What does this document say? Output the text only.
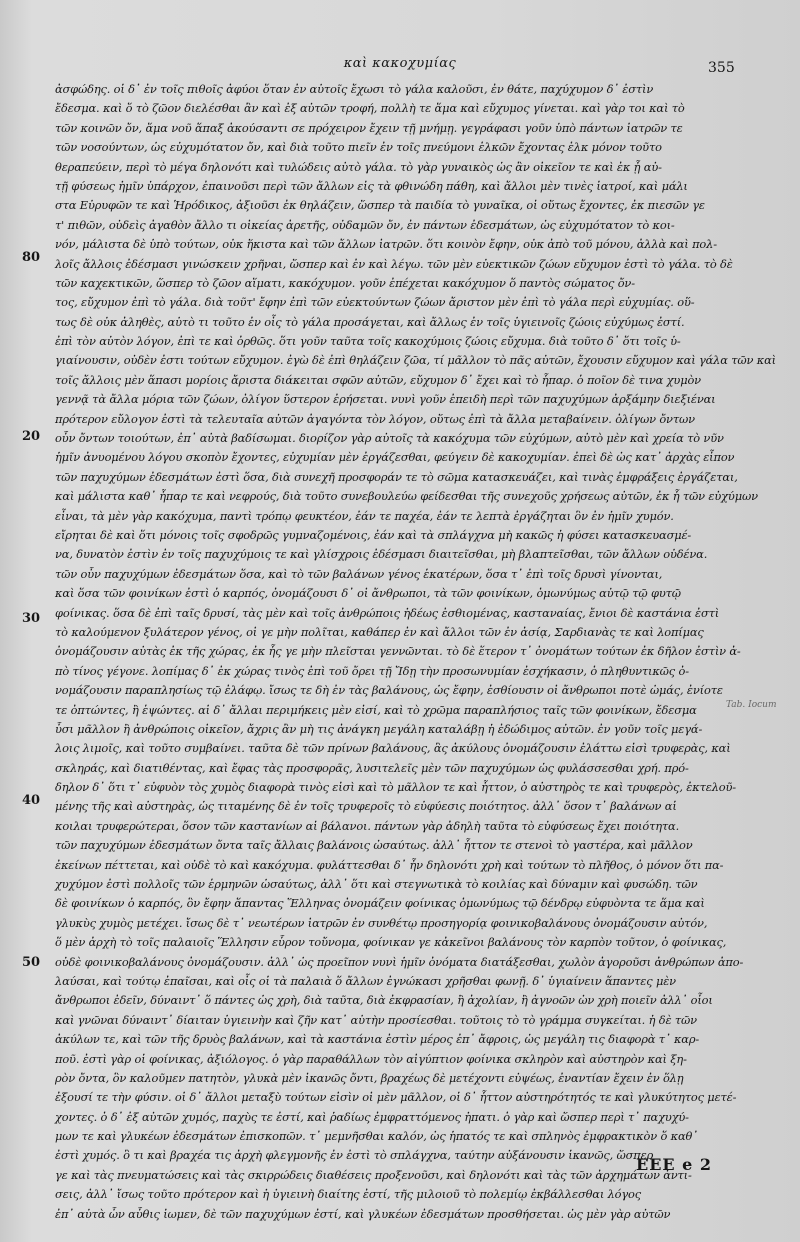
καὶ κακοχυμίας	355
80
20
30
40
50
ἀσφώδης. οἱ δ᾽ ἐν τοῖς πιθοῖς ἀφύοι ὅταν ἐν αὐτοῖς ἔχωσι τὸ γάλα καλοῦσι, ἐν θάτε, παχύχυμον δ᾽ ἐστὶν
ἔδεσμα. καὶ ὅ τὸ ζῶον διελέσθαι ἂν καὶ ἐξ αὐτῶν τροφή, πολλὴ τε ἅμα καὶ εὔχυμος γίνεται. καὶ γὰρ τοι καὶ τὸ
τῶν κοινῶν ὄν, ἅμα νοῦ ἅπαξ ἀκούσαντι σε πρόχειρον ἔχειν τῇ μνήμῃ. γεγράφασι γοῦν ὑπὸ πάντων ἰατρῶν τε
τῶν νοσούντων, ὡς εὐχυμότατον ὄν, καὶ διὰ τοῦτο πιεῖν ἐν τοῖς πνεύμονι ἑλκῶν ἔχοντας ἑλκ μόνον τοῦτο
θεραπεύειν, περὶ τὸ μέγα δηλονότι καὶ τυλώδεις αὐτὸ γάλα. τὸ γὰρ γυναικὸς ὡς ἂν οἰκεῖον τε καὶ ἐκ ᾖ αὐ-
τῇ φύσεως ἡμῖν ὑπάρχον, ἐπαινοῦσι περὶ τῶν ἄλλων εἰς τὰ φθινώδη πάθη, καὶ ἄλλοι μὲν τινὲς ἰατροί, καὶ μάλι
στα Εὐρυφῶν τε καὶ Ἡρόδικος, ἀξιοῦσι ἐκ θηλάζειν, ὥσπερ τὰ παιδία τὸ γυναῖκα, οἱ οὕτως ἔχοντες, ἐκ πιεσῶν γε
τ' πιθῶν, οὐδεὶς ἀγαθὸν ἄλλο τι οἰκείας ἀρετῆς, οὐδαμῶν ὄν, ἐν πάντων ἐδεσμάτων, ὡς εὐχυμότατον τὸ κοι-
νόν, μάλιστα δὲ ὑπὸ τούτων, οὐκ ἥκιστα καὶ τῶν ἄλλων ἰατρῶν. ὅτι κοινὸν ἔφην, οὐκ ἀπὸ τοῦ μόνου, ἀλλὰ καὶ πολ-
λοῖς ἄλλοις ἐδέσμασι γινώσκειν χρῆναι, ὥσπερ καὶ ἐν καὶ λέγω. τῶν μὲν εὐεκτικῶν ζώων εὔχυμον ἐστὶ τὸ γάλα. τὸ δὲ
τῶν καχεκτικῶν, ὥσπερ τὸ ζῶον αἵματι, κακόχυμον. γοῦν ἐπέχεται κακόχυμον ὅ παντὸς σώματος ὄν-
τος, εὔχυμον ἐπὶ τὸ γάλα. διὰ τοῦτ' ἔφην ἐπὶ τῶν εὐεκτούντων ζώων ἄριστον μὲν ἐπὶ τὸ γάλα περὶ εὐχυμίας. οὕ-
τως δὲ οὐκ ἀληθὲς, αὐτὸ τι τοῦτο ἐν οἷς τὸ γάλα προσάγεται, καὶ ἄλλως ἐν τοῖς ὑγιεινοῖς ζώοις εὐχύμως ἐστί.
ἐπὶ τὸν αὐτὸν λόγον, ἐπὶ τε καὶ ὀρθῶς. ὅτι γοῦν ταῦτα τοῖς κακοχύμοις ζώοις εὔχυμα. διὰ τοῦτο δ᾽ ὅτι τοῖς ὑ-
γιαίνουσιν, οὐδὲν ἐστι τούτων εὔχυμον. ἐγὼ δὲ ἐπὶ θηλάζειν ζῶα, τί μᾶλλον τὸ πᾶς αὐτῶν, ἔχουσιν εὔχυμον καὶ γάλα τῶν καὶ
τοῖς ἄλλοις μὲν ἅπασι μορίοις ἄριστα διάκειται σφῶν αὐτῶν, εὔχυμον δ᾽ ἔχει καὶ τὸ ἧπαρ. ὁ ποῖον δὲ τινα χυμὸν
γεννᾷ τὰ ἄλλα μόρια τῶν ζώων, ὀλίγον ὕστερον ἐρήσεται. νυνὶ γοῦν ἐπειδὴ περὶ τῶν παχυχύμων ἀρξάμην διεξιέναι
πρότερον εὔλογον ἐστὶ τὰ τελευταῖα αὐτῶν ἀγαγόντα τὸν λόγον, οὕτως ἐπὶ τὰ ἄλλα μεταβαίνειν. ὀλίγων ὄντων
οὖν ὄντων τοιούτων, ἐπ᾽ αὐτὰ βαδίσωμαι. διορίζον γὰρ αὐτοῖς τὰ κακόχυμα τῶν εὐχύμων, αὐτὸ μὲν καὶ χρεία τὸ νῦν
ἡμῖν ἀνυομένου λόγου σκοπὸν ἔχοντες, εὐχυμίαν μὲν ἐργάζεσθαι, φεύγειν δὲ κακοχυμίαν. ἐπεὶ δὲ ὡς κατ᾽ ἀρχὰς εἶπον
τῶν παχυχύμων ἐδεσμάτων ἐστὶ ὅσα, διὰ συνεχῆ προσφοράν τε τὸ σῶμα κατασκευάζει, καὶ τινὰς ἐμφράξεις ἐργάζεται,
καὶ μάλιστα καθ᾽ ἧπαρ τε καὶ νεφρούς, διὰ τοῦτο συνεβουλεύω φείδεσθαι τῆς συνεχοῦς χρήσεως αὐτῶν, ἐκ ἧ τῶν εὐχύμων
εἶναι, τὰ μὲν γὰρ κακόχυμα, παντὶ τρόπῳ φευκτέον, ἐάν τε παχέα, ἐάν τε λεπτὰ ἐργάζηται ὃν ἐν ἡμῖν χυμόν.
εἴρηται δὲ καὶ ὅτι μόνοις τοῖς σφοδρῶς γυμναζομένοις, ἐάν καὶ τὰ σπλάγχνα μὴ κακῶς ἡ φύσει κατασκευασμέ-
να, δυνατὸν ἐστὶν ἐν τοῖς παχυχύμοις τε καὶ γλίσχροις ἐδέσμασι διαιτεῖσθαι, μὴ βλαπτεῖσθαι, τῶν ἄλλων οὐδένα.
τῶν οὖν παχυχύμων ἐδεσμάτων ὅσα, καὶ τὸ τῶν βαλάνων γένος ἑκατέρων, ὅσα τ᾽ ἐπὶ τοῖς δρυσὶ γίνονται,
καὶ ὅσα τῶν φοινίκων ἐστὶ ὁ καρπός, ὀνομάζουσι δ᾽ οἱ ἄνθρωποι, τὰ τῶν φοινίκων, ὁμωνύμως αὐτῷ τῷ φυτῷ
φοίνικας. ὅσα δὲ ἐπὶ ταῖς δρυσί, τὰς μὲν καὶ τοῖς ἀνθρώποις ἡδέως ἐσθιομένας, κασταναίας, ἔνιοι δὲ καστάνια ἐστὶ
τὸ καλούμενον ξυλάτερον γένος, οἱ γε μὴν πολῖται, καθάπερ ἐν καὶ ἄλλοι τῶν ἐν ἀσίᾳ, Σαρδιανὰς τε καὶ λοπίμας
ὀνομάζουσιν αὐτὰς ἐκ τῆς χώρας, ἐκ ἧς γε μὴν πλεῖσται γεννῶνται. τὸ δὲ ἕτερον τ᾽ ὀνομάτων τούτων ἐκ δῆλον ἐστὶν ἀ-
πὸ τίνος γέγονε. λοπίμας δ᾽ ἐκ χώρας τινὸς ἐπὶ τοῦ ὄρει τῇ Ἴδῃ τὴν προσωνυμίαν ἐσχήκασιν, ὁ πληθυντικῶς ὀ-
νομάζουσιν παραπλησίως τῷ ἐλάφῳ. ἴσως τε δὴ ἐν τὰς βαλάνους, ὡς ἔφην, ἐσθίουσιν οἱ ἄνθρωποι ποτὲ ὠμάς, ἐνίοτε
τε ὀπτώντες, ἢ ἑψώντες. αἱ δ᾽ ἄλλαι περιμήκεις μὲν εἰσί, καὶ τὸ χρῶμα παραπλήσιος ταῖς τῶν φοινίκων, ἔδεσμα
ὖσι μᾶλλον ἢ ἀνθρώποις οἰκεῖον, ἄχρις ἂν μὴ τις ἀνάγκη μεγάλη καταλάβῃ ἡ ἐδώδιμος αὐτῶν. ἐν γοῦν τοῖς μεγά-
λοις λιμοῖς, καὶ τοῦτο συμβαίνει. ταῦτα δὲ τῶν πρίνων βαλάνους, ἃς ἀκύλους ὀνομάζουσιν ἐλάττω εἰσὶ τρυφερὰς, καὶ
σκληράς, καὶ διατιθέντας, καὶ ἔφας τὰς προσφορᾶς, λυσιτελεῖς μὲν τῶν παχυχύμων ὡς φυλάσσεσθαι χρή. πρό-
δηλον δ᾽ ὅτι τ᾽ εὐφυὸν τὸς χυμὸς διαφορὰ τινὸς εἰσὶ καὶ τὸ μᾶλλον τε καὶ ἧττον, ὁ αὐστηρὸς τε καὶ τρυφερὸς, ἐκτελοῦ-
μένης τῆς καὶ αὐστηρὰς, ὡς τιταμένης δὲ ἐν τοῖς τρυφεροῖς τὸ εὐφύεσις ποιότητος. ἀλλ᾽ ὅσον τ᾽ βαλάνων αἱ
κοιλαι τρυφερώτεραι, ὅσον τῶν καστανίων αἱ βάλανοι. πάντων γὰρ ἀδηλὴ ταῦτα τὸ εὐφύσεως ἔχει ποιότητα.
τῶν παχυχύμων ἐδεσμάτων ὄντα ταῖς ἄλλαις βαλάνοις ὡσαύτως. ἀλλ᾽ ἧττον τε στενοὶ τὸ γαστέρα, καὶ μᾶλλον
ἐκείνων πέττεται, καὶ οὐδὲ τὸ καὶ κακόχυμα. φυλάττεσθαι δ᾽ ἦν δηλονότι χρὴ καὶ τούτων τὸ πλῆθος, ὁ μόνον ὅτι πα-
χυχύμον ἐστὶ πολλοῖς τῶν ἑρμηνῶν ὡσαύτως, ἀλλ᾽ ὅτι καὶ στεγνωτικὰ τὸ κοιλίας καὶ δύναμιν καὶ φυσώδη. τῶν
δὲ φοινίκων ὁ καρπός, ὃν ἔφην ἅπαντας Ἕλληνας ὀνομάζειν φοίνικας ὁμωνύμως τῷ δένδρῳ εὐφυὸντα τε ἅμα καὶ
γλυκὺς χυμὸς μετέχει. ἴσως δὲ τ᾽ νεωτέρων ἰατρῶν ἐν συνθέτῳ προσηγορίᾳ φοινικοβαλάνους ὀνομάζουσιν αὐτόν,
ὅ μὲν ἀρχὴ τὸ τοῖς παλαιοῖς Ἕλλησιν εὗρον τοὔνομα, φοίνικαν γε κἀκεῖνοι βαλάνους τὸν καρπὸν τοῦτον, ὁ φοίνικας,
οὐδὲ φοινικοβαλάνους ὀνομάζουσιν. ἀλλ᾽ ὡς προεῖπον νυνὶ ἡμῖν ὀνόματα διατάξεσθαι, χωλὸν ἀγοροῦσι ἀνθρώπων ἀπο-
λαύσαι, καὶ τούτῳ ἐπαῖσαι, καὶ οἷς οἱ τὰ παλαιὰ ὅ ἄλλων ἐγνώκασι χρῆσθαι φωνῇ. δ᾽ ὑγιαίνειν ἅπαντες μὲν
ἄνθρωποι ἐδεῖν, δύναιντ᾽ ὅ πάντες ὡς χρὴ, διὰ ταῦτα, διὰ ἐκφρασίαν, ἢ ἀχολίαν, ἢ ἀγνοῶν ὡν χρὴ ποιεῖν ἀλλ᾽ οἷοι
καὶ γνῶναι δύναιντ᾽ δίαιταν ὑγιεινὴν καὶ ζῆν κατ᾽ αὐτὴν προσίεσθαι. τοῦτοις τὸ τὸ γράμμα συγκείται. ἡ δὲ τῶν
ἀκύλων τε, καὶ τῶν τῆς δρυὸς βαλάνων, καὶ τὰ καστάνια ἐστὶν μέρος ἐπ᾽ ἄφροις, ὡς μεγάλη τις διαφορὰ τ᾽ καρ-
ποῦ. ἐστὶ γὰρ οἱ φοίνικας, ἀξιόλογος. ὁ γὰρ παραθάλλων τὸν αἰγύπτιον φοίνικα σκληρὸν καὶ αὐστηρὸν καὶ ξη-
ρὸν ὄντα, ὃν καλοῦμεν πατητὸν, γλυκὰ μὲν ἱκανῶς ὄντι, βραχέως δὲ μετέχοντι εὐψέως, ἐναντίαν ἔχειν ἐν ὅλῃ
ἐξουσί τε τὴν φύσιν. οἱ δ᾽ ἄλλοι μεταξὺ τούτων εἰσὶν οἱ μὲν μᾶλλον, οἱ δ᾽ ἧττον αὐστηρότητός τε καὶ γλυκύτητος μετέ-
χοντες. ὁ δ᾽ ἐξ αὐτῶν χυμός, παχὺς τε ἐστί, καὶ ῥαδίως ἐμφραττόμενος ἡπατι. ὁ γὰρ καὶ ὥσπερ περὶ τ᾽ παχυχύ-
μων τε καὶ γλυκέων ἐδεσμάτων ἐπισκοπῶν. τ᾽ μεμνῆσθαι καλόν, ὡς ἡπατός τε καὶ σπληνὸς ἐμφρακτικὸν ὅ καθ᾽
ἐστὶ χυμός. ὃ τι καὶ βραχέα τις ἀρχὴ φλεγμονῆς ἐν ἐστὶ τὸ σπλάγχνα, ταύτην αὐξάνουσιν ἱκανῶς, ὥσπερ
γε καὶ τὰς πνευματώσεις καὶ τὰς σκιρρώδεις διαθέσεις προξενοῦσι, καὶ δηλονότι καὶ τὰς τῶν ἀρχημάτων ἀντι-
σεις, ἀλλ᾽ ἴσως τοῦτο πρότερον καὶ ἡ ὑγιεινὴ διαίτης ἐστί, τῆς μιλοιοῦ τὸ πολεμίῳ ἐκβάλλεσθαι λόγος
ἐπ᾽ αὐτὰ ὦν αὖθις ἰωμεν, δὲ τῶν παχυχύμων ἐστί, καὶ γλυκέων ἐδεσμάτων προσθήσεται. ὡς μὲν γὰρ αὐτῶν
Tab. Iocum
EEE e 2
